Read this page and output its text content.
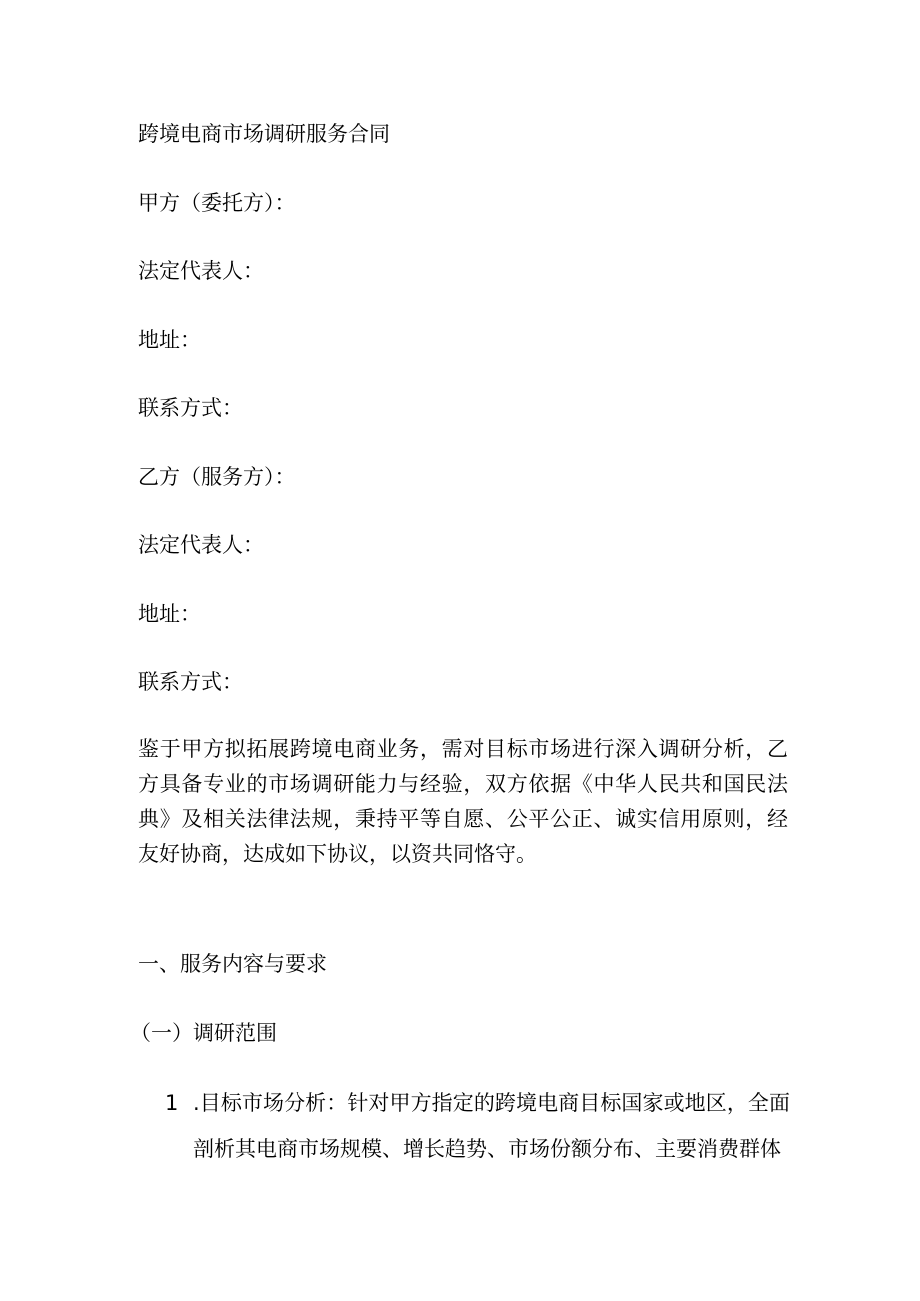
跨境电商市场调研服务合同
甲方（委托方）：
法定代表人：
地址：
联系方式：
乙方（服务方）：
法定代表人：
地址：
联系方式：
鉴于甲方拟拓展跨境电商业务，需对目标市场进行深入调研分析，乙方具备专业的市场调研能力与经验，双方依据《中华人民共和国民法典》及相关法律法规，秉持平等自愿、公平公正、诚实信用原则，经友好协商，达成如下协议，以资共同恪守。
一、服务内容与要求
（一）调研范围
1 .目标市场分析：针对甲方指定的跨境电商目标国家或地区，全面剖析其电商市场规模、增长趋势、市场份额分布、主要消费群体
